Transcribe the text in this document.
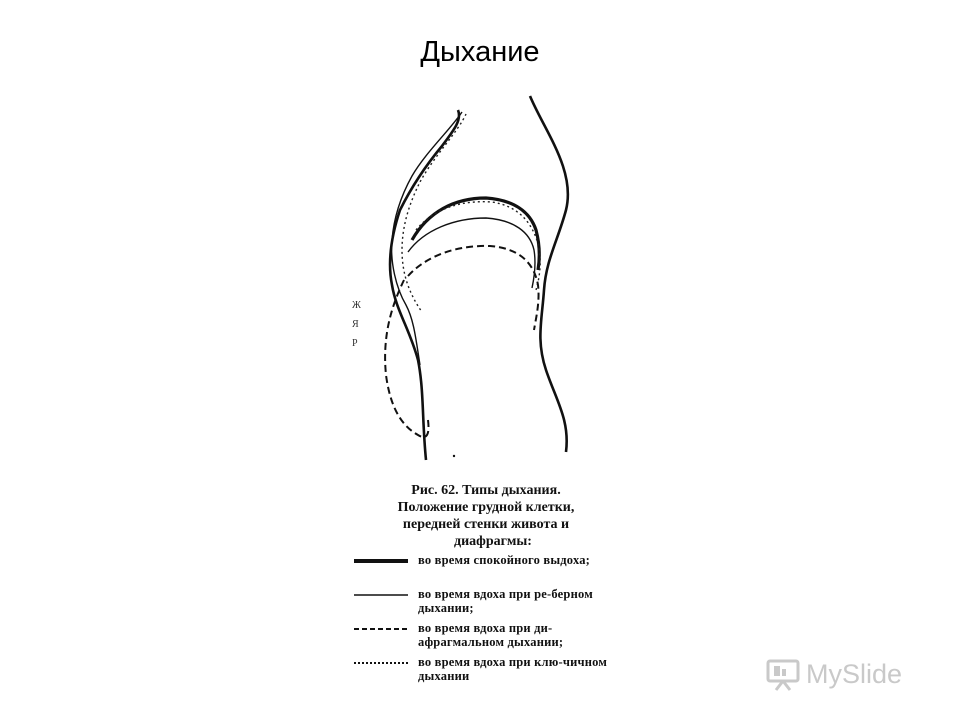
Дыхание
Ж
Я
Р
Рис. 62. Типы дыхания.
Положение грудной клетки,
передней стенки живота и
диафрагмы:
во время спокойного выдоха;
во время вдоха при ре-берном дыхании;
во время вдоха при ди-афрагмальном дыхании;
во время вдоха при клю-чичном дыхании	MySlide
